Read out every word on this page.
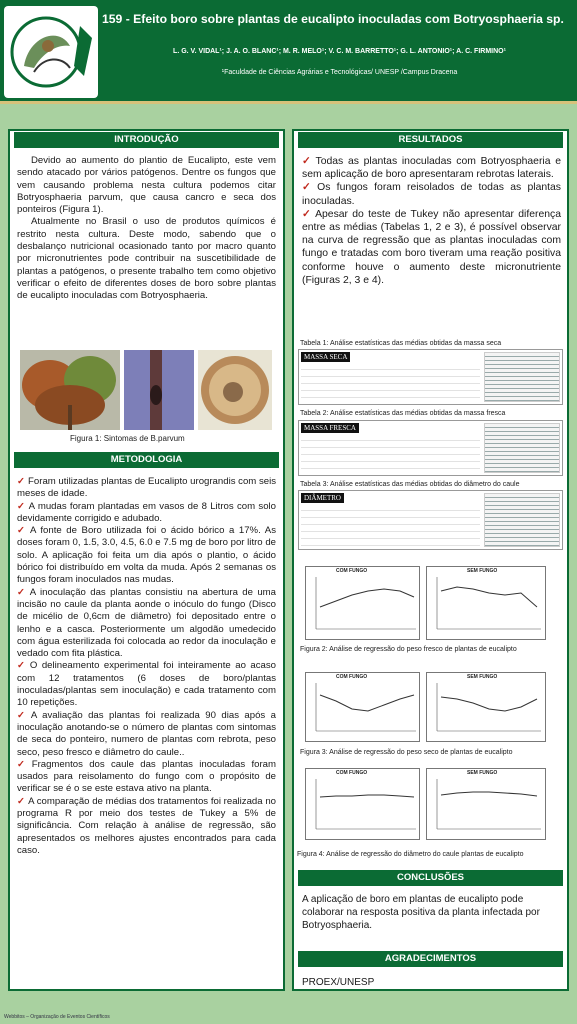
159 - Efeito boro sobre plantas de eucalipto inoculadas com Botryosphaeria sp.
L. G. V. VIDAL¹; J. A. O. BLANC¹; M. R. MELO¹; V. C. M. BARRETTO¹; G. L. ANTONIO¹; A. C. FIRMINO¹
¹Faculdade de Ciências Agrárias e Tecnológicas/ UNESP /Campus Dracena
INTRODUÇÃO

Devido ao aumento do plantio de Eucalipto, este vem sendo atacado por vários patógenos. Dentre os fungos que vem causando problema nesta cultura podemos citar Botryosphaeria parvum, que causa cancro e seca dos ponteiros (Figura 1).

Atualmente no Brasil o uso de produtos químicos é restrito nesta cultura. Deste modo, sabendo que o desbalanço nutricional ocasionado tanto por macro quanto por micronutrientes pode contribuir na suscetibilidade de plantas a patógenos, o presente trabalho tem como objetivo verificar o efeito de diferentes doses de boro sobre plantas de eucalipto inoculadas com Botryosphaeria.

Figura 1: Sintomas de B.parvum
METODOLOGIA

✓ Foram utilizadas plantas de Eucalipto urograndis com seis meses de idade.

✓ A mudas foram plantadas em vasos de 8 Litros com solo devidamente corrigido e adubado.

✓ A fonte de Boro utilizada foi o ácido bórico a 17%. As doses foram 0, 1.5, 3.0, 4.5, 6.0 e 7.5 mg de boro por litro de solo. A aplicação foi feita um dia após o plantio, o ácido bórico foi distribuído em volta da muda. Após 2 semanas os fungos foram inoculados nas mudas.

✓ A inoculação das plantas consistiu na abertura de uma incisão no caule da planta aonde o inóculo do fungo (Disco de micélio de 0,6cm de diâmetro) foi depositado entre o lenho e a casca. Posteriormente um algodão umedecido com água esterilizada foi colocada ao redor da inoculação e vedado com fita plástica.

✓ O delineamento experimental foi inteiramente ao acaso com 12 tratamentos (6 doses de boro/plantas inoculadas/plantas sem inoculação) e cada tratamento com 10 repetições.

✓ A avaliação das plantas foi realizada 90 dias após a inoculação anotando-se o número de plantas com sintomas de seca do ponteiro, numero de plantas com rebrota, peso seco, peso fresco e diâmetro do caule..

✓ Fragmentos dos caule das plantas inoculadas foram usados para reisolamento do fungo com o propósito de verificar se é o se este estava ativo na planta.

✓ A comparação de médias dos tratamentos foi realizada no programa R por meio dos testes de Tukey a 5% de significância. Com relação à análise de regressão, são apresentados os melhores ajustes encontrados para cada caso.

RESULTADOS

✓ Todas as plantas inoculadas com Botryosphaeria e sem aplicação de boro apresentaram rebrotas laterais.

✓ Os fungos foram reisolados de todas as plantas inoculadas.

✓ Apesar do teste de Tukey não apresentar diferença entre as médias (Tabelas 1, 2 e 3), é possível observar na curva de regressão que as plantas inoculadas com fungo e tratadas com boro tiveram uma reação positiva conforme houve o aumento deste micronutriente (Figuras 2, 3 e 4).

Tabela 1: Análise estatísticas das médias obtidas da massa seca
MASSA SECA
Tabela 2: Análise estatísticas das médias obtidas da massa fresca
MASSA FRESCA
Tabela 3: Análise estatísticas das médias obtidas do diâmetro do caule
DIÂMETRO
COM FUNGO	SEM FUNGO
Figura 2: Análise de regressão do peso fresco de plantas de eucalipto
COM FUNGO	SEM FUNGO
Figura 3: Análise de regressão do peso seco de plantas de eucalipto
COM FUNGO	SEM FUNGO
Figura 4: Análise de regressão do diâmetro do caule plantas de eucalipto
CONCLUSÕES
A aplicação de boro em plantas de eucalipto pode colaborar na resposta positiva da planta infectada por Botryosphaeria.
AGRADECIMENTOS
PROEX/UNESP
Webbitos – Organização de Eventos Científicos
